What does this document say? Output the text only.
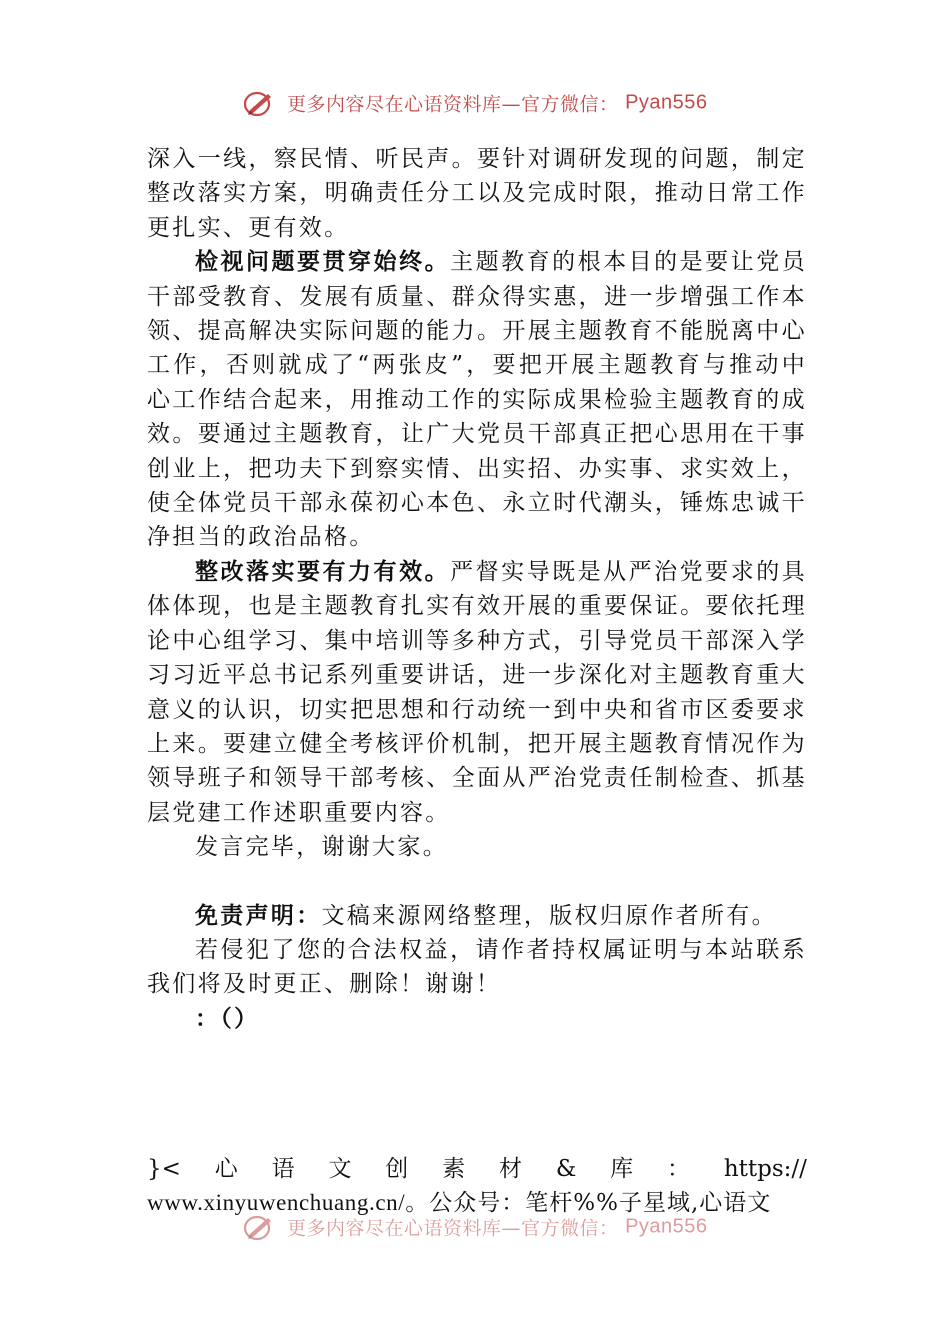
更多内容尽在心语资料库—官方微信： Pyan556

深入一线，察民情、听民声。要针对调研发现的问题，制定整改落实方案，明确责任分工以及完成时限，推动日常工作更扎实、更有效。

检视问题要贯穿始终。主题教育的根本目的是要让党员干部受教育、发展有质量、群众得实惠，进一步增强工作本领、提高解决实际问题的能力。开展主题教育不能脱离中心工作，否则就成了“两张皮”，要把开展主题教育与推动中心工作结合起来，用推动工作的实际成果检验主题教育的成效。要通过主题教育，让广大党员干部真正把心思用在干事创业上，把功夫下到察实情、出实招、办实事、求实效上，使全体党员干部永葆初心本色、永立时代潮头，锤炼忠诚干净担当的政治品格。

整改落实要有力有效。严督实导既是从严治党要求的具体体现，也是主题教育扎实有效开展的重要保证。要依托理论中心组学习、集中培训等多种方式，引导党员干部深入学习习近平总书记系列重要讲话，进一步深化对主题教育重大意义的认识，切实把思想和行动统一到中央和省市区委要求上来。要建立健全考核评价机制，把开展主题教育情况作为领导班子和领导干部考核、全面从严治党责任制检查、抓基层党建工作述职重要内容。

发言完毕，谢谢大家。

免责声明：文稿来源网络整理，版权归原作者所有。

若侵犯了您的合法权益，请作者持权属证明与本站联系我们将及时更正、删除！谢谢！

：（）

}< 心 语 文 创 素 材 & 库 ： https://
www.xinyuwenchuang.cn/。公众号：笔杆%%子星域,心语文
更多内容尽在心语资料库—官方微信： Pyan556
